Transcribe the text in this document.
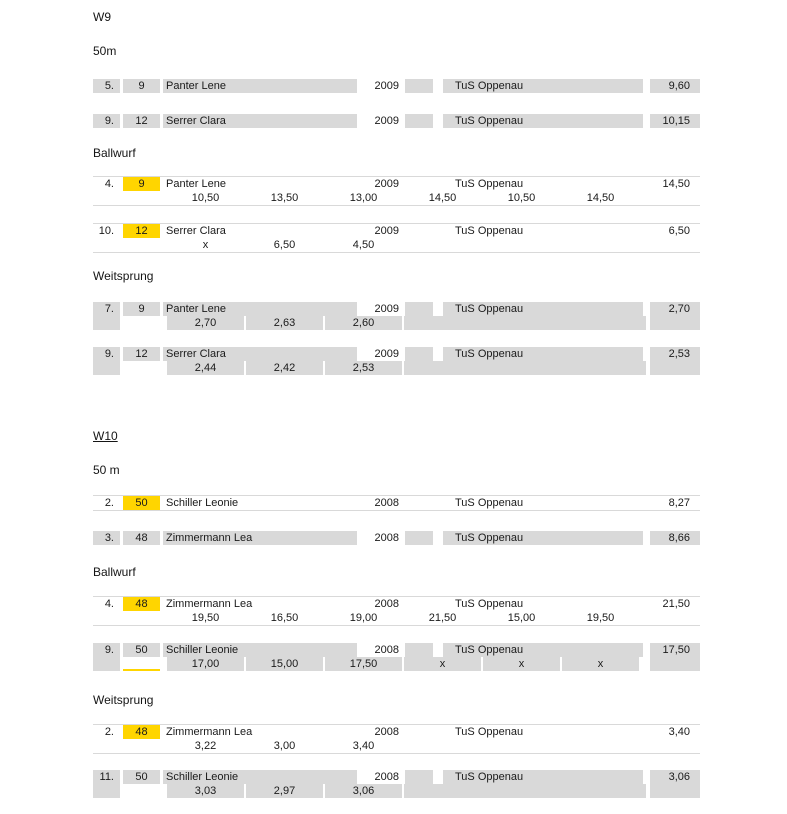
W9
50m
5. 9 Panter Lene	2009	TuS Oppenau	9,60
9. 12 Serrer Clara	2009	TuS Oppenau	10,15
Ballwurf
4. 9 Panter Lene	2009	TuS Oppenau	14,50
10,50	13,50	13,00	14,50	10,50	14,50
10. 12 Serrer Clara	2009	TuS Oppenau	6,50
x	6,50	4,50
Weitsprung
7. 9 Panter Lene	2009	TuS Oppenau	2,70
2,70	2,63	2,60
9. 12 Serrer Clara	2009	TuS Oppenau	2,53
2,44	2,42	2,53
W10
50 m
2. 50 Schiller Leonie	2008	TuS Oppenau	8,27
3. 48 Zimmermann Lea	2008	TuS Oppenau	8,66
Ballwurf
4. 48 Zimmermann Lea	2008	TuS Oppenau	21,50
19,50	16,50	19,00	21,50	15,00	19,50
9. 50 Schiller Leonie	2008	TuS Oppenau	17,50
17,00	15,00	17,50	x	x	x
Weitsprung
2. 48 Zimmermann Lea	2008	TuS Oppenau	3,40
3,22	3,00	3,40
11. 50 Schiller Leonie	2008	TuS Oppenau	3,06
3,03	2,97	3,06
